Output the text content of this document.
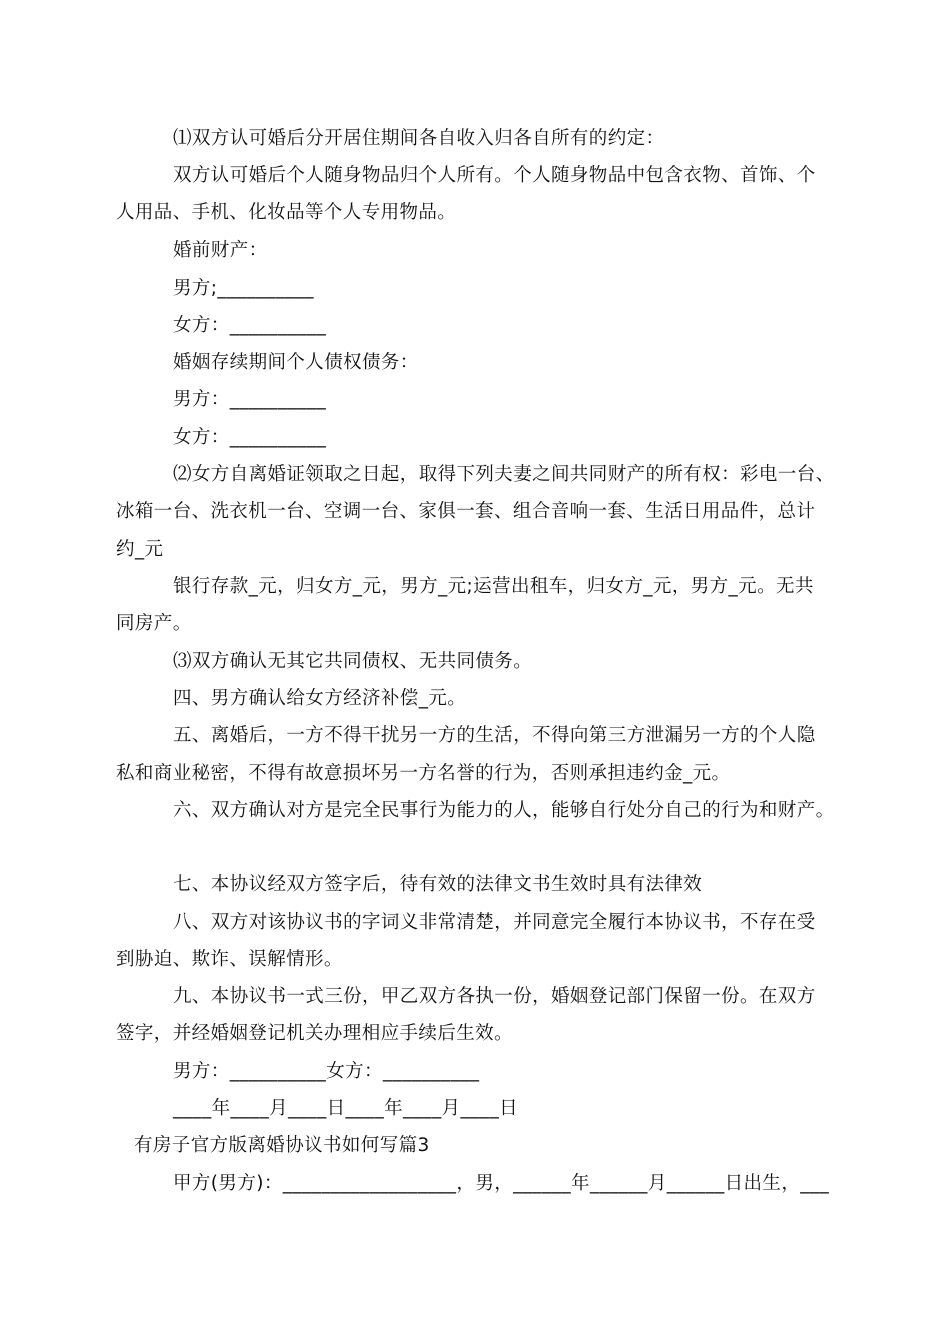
⑴双方认可婚后分开居住期间各自收入归各自所有的约定：
双方认可婚后个人随身物品归个人所有。个人随身物品中包含衣物、首饰、个
人用品、手机、化妆品等个人专用物品。
婚前财产：
男方;__________
女方：__________
婚姻存续期间个人债权债务：
男方：__________
女方：__________
⑵女方自离婚证领取之日起，取得下列夫妻之间共同财产的所有权：彩电一台、
冰箱一台、洗衣机一台、空调一台、家俱一套、组合音响一套、生活日用品件，总计
约_元
银行存款_元，归女方_元，男方_元;运营出租车，归女方_元，男方_元。无共
同房产。
⑶双方确认无其它共同债权、无共同债务。
四、男方确认给女方经济补偿_元。
五、离婚后，一方不得干扰另一方的生活，不得向第三方泄漏另一方的个人隐
私和商业秘密，不得有故意损坏另一方名誉的行为，否则承担违约金_元。
六、双方确认对方是完全民事行为能力的人，能够自行处分自己的行为和财产。
七、本协议经双方签字后，待有效的法律文书生效时具有法律效
八、双方对该协议书的字词义非常清楚，并同意完全履行本协议书，不存在受
到胁迫、欺诈、误解情形。
九、本协议书一式三份，甲乙双方各执一份，婚姻登记部门保留一份。在双方
签字，并经婚姻登记机关办理相应手续后生效。
男方：__________女方：__________
____年____月____日____年____月____日
有房子官方版离婚协议书如何写篇3
甲方(男方)：__________________，男，______年______月______日出生，___
